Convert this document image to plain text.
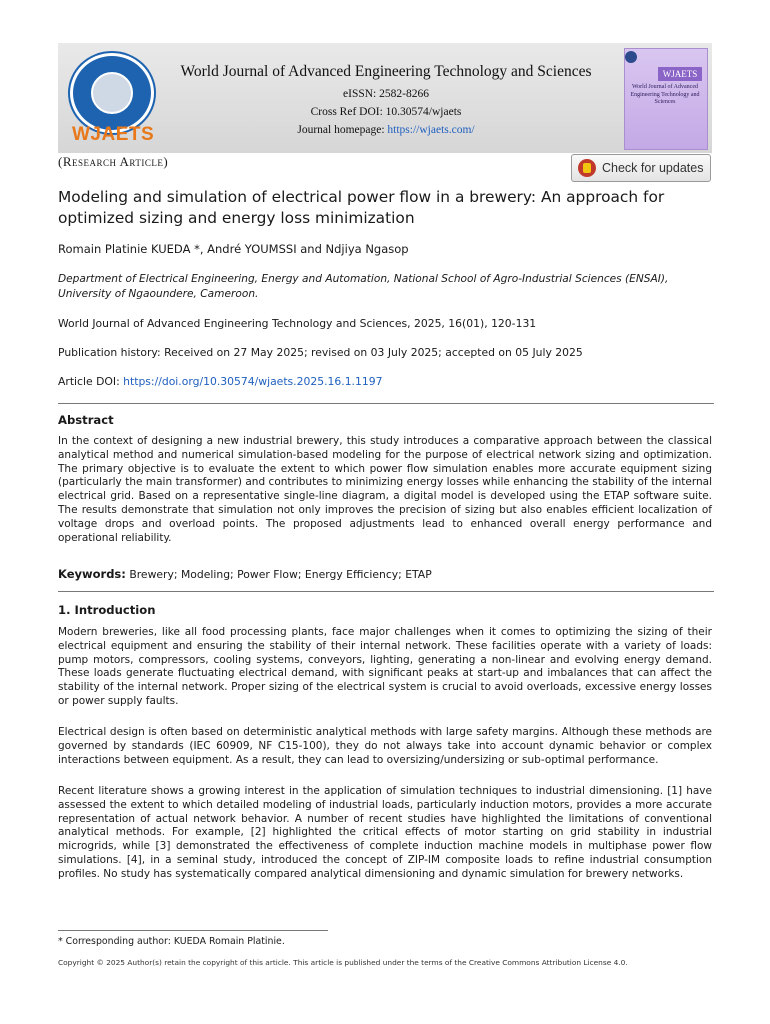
WJAETS
World Journal of Advanced Engineering Technology and Sciences
eISSN: 2582-8266
Cross Ref DOI: 10.30574/wjaets
Journal homepage: https://wjaets.com/
WJAETS
World Journal of Advanced Engineering Technology and Sciences
(Research Article)	Check for updates
Modeling and simulation of electrical power flow in a brewery: An approach for optimized sizing and energy loss minimization
Romain Platinie KUEDA *, André YOUMSSI and Ndjiya Ngasop
Department of Electrical Engineering, Energy and Automation, National School of Agro-Industrial Sciences (ENSAI), University of Ngaoundere, Cameroon.
World Journal of Advanced Engineering Technology and Sciences, 2025, 16(01), 120-131
Publication history: Received on 27 May 2025; revised on 03 July 2025; accepted on 05 July 2025
Article DOI: https://doi.org/10.30574/wjaets.2025.16.1.1197
Abstract
In the context of designing a new industrial brewery, this study introduces a comparative approach between the classical analytical method and numerical simulation-based modeling for the purpose of electrical network sizing and optimization. The primary objective is to evaluate the extent to which power flow simulation enables more accurate equipment sizing (particularly the main transformer) and contributes to minimizing energy losses while enhancing the stability of the internal electrical grid. Based on a representative single-line diagram, a digital model is developed using the ETAP software suite. The results demonstrate that simulation not only improves the precision of sizing but also enables efficient localization of voltage drops and overload points. The proposed adjustments lead to enhanced overall energy performance and operational reliability.
Keywords: Brewery; Modeling; Power Flow; Energy Efficiency; ETAP
1. Introduction
Modern breweries, like all food processing plants, face major challenges when it comes to optimizing the sizing of their electrical equipment and ensuring the stability of their internal network. These facilities operate with a variety of loads: pump motors, compressors, cooling systems, conveyors, lighting, generating a non-linear and evolving energy demand. These loads generate fluctuating electrical demand, with significant peaks at start-up and imbalances that can affect the stability of the internal network. Proper sizing of the electrical system is crucial to avoid overloads, excessive energy losses or power supply faults.
Electrical design is often based on deterministic analytical methods with large safety margins. Although these methods are governed by standards (IEC 60909, NF C15-100), they do not always take into account dynamic behavior or complex interactions between equipment. As a result, they can lead to oversizing/undersizing or sub-optimal performance.
Recent literature shows a growing interest in the application of simulation techniques to industrial dimensioning. [1] have assessed the extent to which detailed modeling of industrial loads, particularly induction motors, provides a more accurate representation of actual network behavior. A number of recent studies have highlighted the limitations of conventional analytical methods. For example, [2] highlighted the critical effects of motor starting on grid stability in industrial microgrids, while [3] demonstrated the effectiveness of complete induction machine models in multiphase power flow simulations. [4], in a seminal study, introduced the concept of ZIP-IM composite loads to refine industrial consumption profiles. No study has systematically compared analytical dimensioning and dynamic simulation for brewery networks.
* Corresponding author: KUEDA Romain Platinie.
Copyright © 2025 Author(s) retain the copyright of this article. This article is published under the terms of the Creative Commons Attribution License 4.0.
